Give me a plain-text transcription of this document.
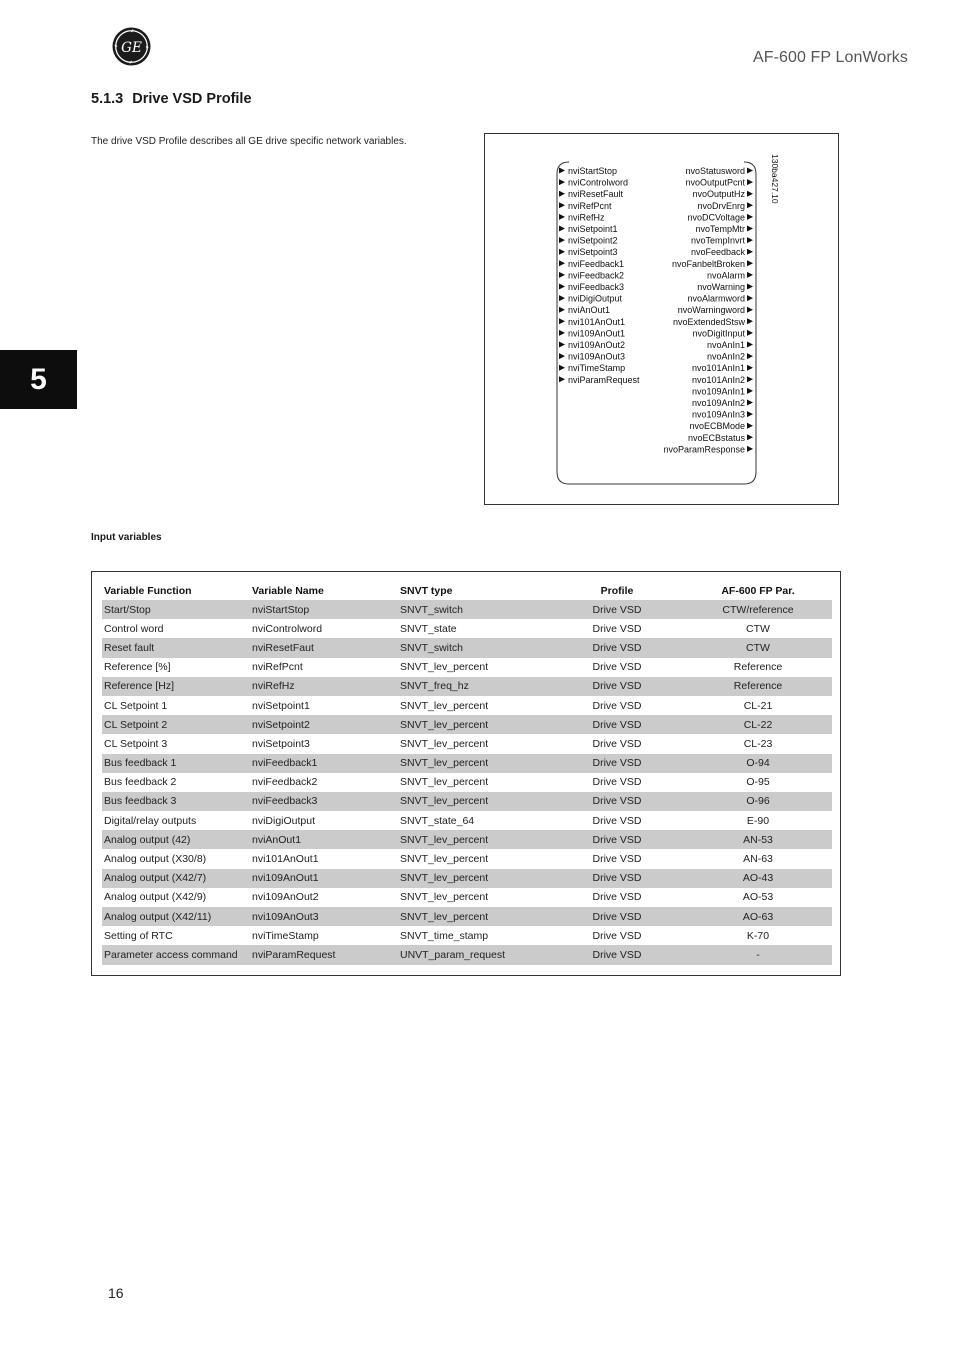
GE
AF-600 FP LonWorks
5
5.1.3 Drive VSD Profile
The drive VSD Profile describes all GE drive specific network variables.
130ba427.10
nviStartStop
nviControlword
nviResetFault
nviRefPcnt
nviRefHz
nviSetpoint1
nviSetpoint2
nviSetpoint3
nviFeedback1
nviFeedback2
nviFeedback3
nviDigiOutput
nviAnOut1
nvi101AnOut1
nvi109AnOut1
nvi109AnOut2
nvi109AnOut3
nviTimeStamp
nviParamRequest
nvoStatusword
nvoOutputPcnt
nvoOutputHz
nvoDrvEnrg
nvoDCVoltage
nvoTempMtr
nvoTempInvrt
nvoFeedback
nvoFanbeltBroken
nvoAlarm
nvoWarning
nvoAlarmword
nvoWarningword
nvoExtendedStsw
nvoDigitInput
nvoAnIn1
nvoAnIn2
nvo101AnIn1
nvo101AnIn2
nvo109AnIn1
nvo109AnIn2
nvo109AnIn3
nvoECBMode
nvoECBstatus
nvoParamResponse
Input variables
Variable Function	Variable Name	SNVT type	Profile	AF-600 FP Par.
Start/Stop	nviStartStop	SNVT_switch	Drive VSD	CTW/reference
Control word	nviControlword	SNVT_state	Drive VSD	CTW
Reset fault	nviResetFaut	SNVT_switch	Drive VSD	CTW
Reference [%]	nviRefPcnt	SNVT_lev_percent	Drive VSD	Reference
Reference [Hz]	nviRefHz	SNVT_freq_hz	Drive VSD	Reference
CL Setpoint 1	nviSetpoint1	SNVT_lev_percent	Drive VSD	CL-21
CL Setpoint 2	nviSetpoint2	SNVT_lev_percent	Drive VSD	CL-22
CL Setpoint 3	nviSetpoint3	SNVT_lev_percent	Drive VSD	CL-23
Bus feedback 1	nviFeedback1	SNVT_lev_percent	Drive VSD	O-94
Bus feedback 2	nviFeedback2	SNVT_lev_percent	Drive VSD	O-95
Bus feedback 3	nviFeedback3	SNVT_lev_percent	Drive VSD	O-96
Digital/relay outputs	nviDigiOutput	SNVT_state_64	Drive VSD	E-90
Analog output (42)	nviAnOut1	SNVT_lev_percent	Drive VSD	AN-53
Analog output (X30/8)	nvi101AnOut1	SNVT_lev_percent	Drive VSD	AN-63
Analog output (X42/7)	nvi109AnOut1	SNVT_lev_percent	Drive VSD	AO-43
Analog output (X42/9)	nvi109AnOut2	SNVT_lev_percent	Drive VSD	AO-53
Analog output (X42/11)	nvi109AnOut3	SNVT_lev_percent	Drive VSD	AO-63
Setting of RTC	nviTimeStamp	SNVT_time_stamp	Drive VSD	K-70
Parameter access command	nviParamRequest	UNVT_param_request	Drive VSD	-
16
